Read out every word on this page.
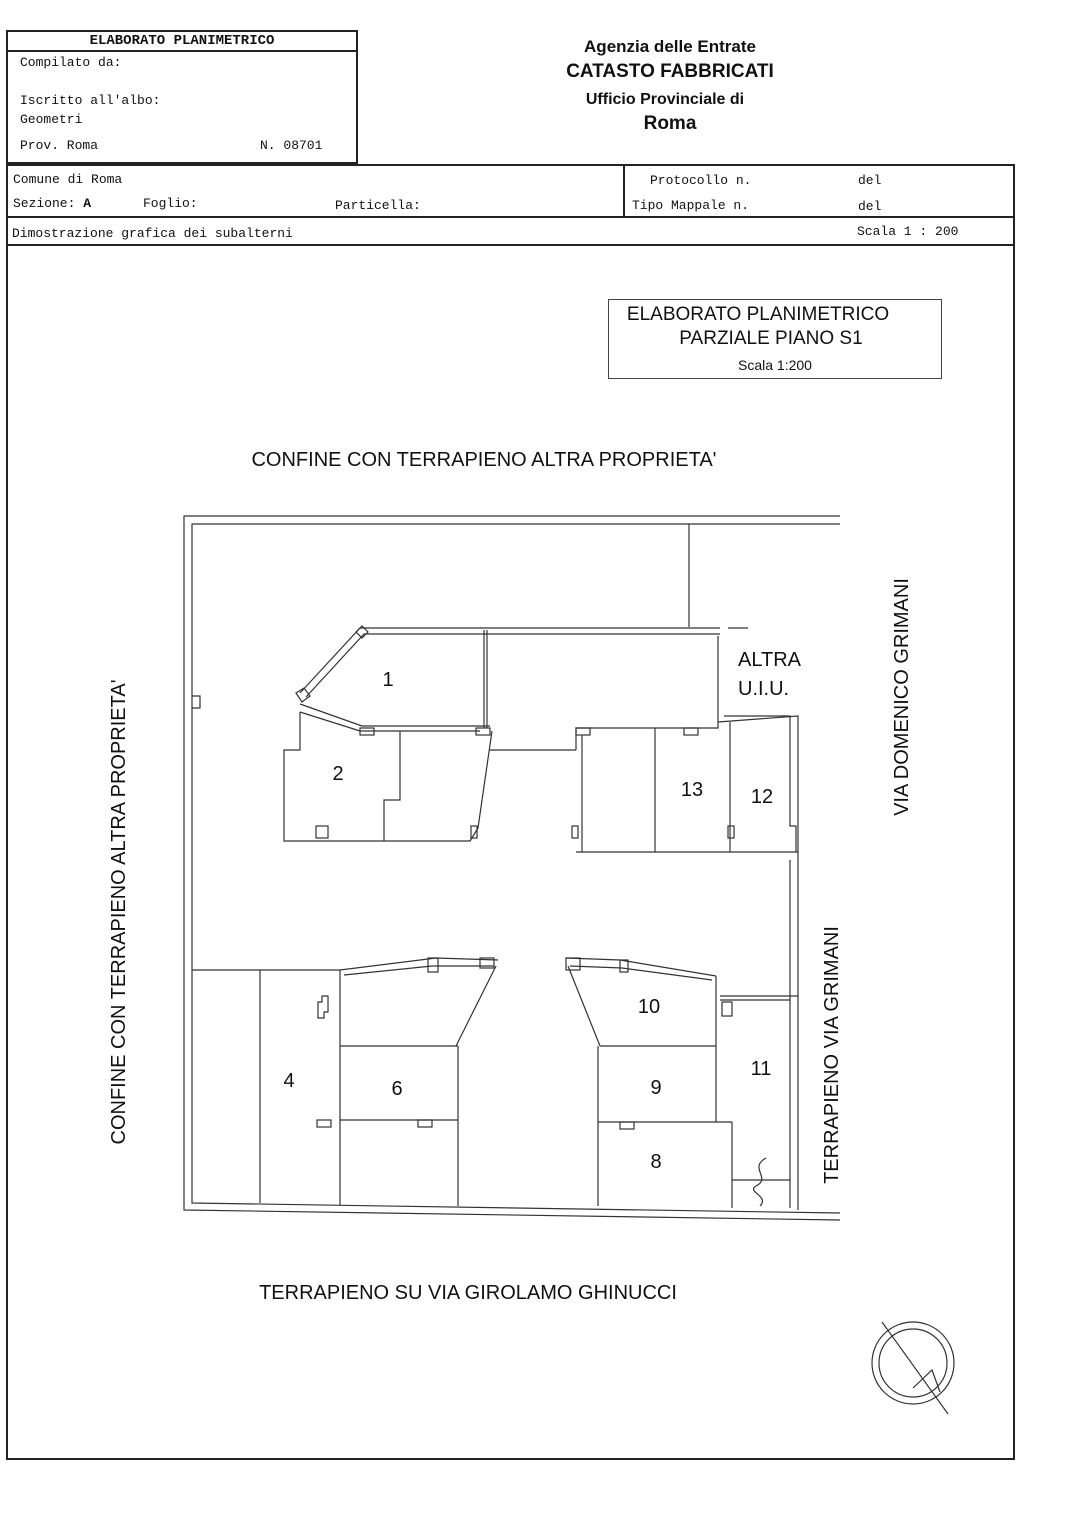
ELABORATO PLANIMETRICO
Compilato da:
Iscritto all'albo:
Geometri
Prov. Roma	N. 08701
Agenzia delle Entrate
CATASTO FABBRICATI
Ufficio Provinciale di
Roma
Comune di Roma
Sezione: A	Foglio:	Particella:
Protocollo n.	del
Tipo Mappale n.	del
Dimostrazione grafica dei subalterni	Scala 1 : 200
ELABORATO PLANIMETRICO
PARZIALE PIANO S1
Scala 1:200
1
2
13 12
10
11
4	6	9
8
CONFINE CON TERRAPIENO ALTRA PROPRIETA'
TERRAPIENO SU VIA GIROLAMO GHINUCCI
CONFINE CON TERRAPIENO ALTRA PROPRIETA'	VIA DOMENICO GRIMANI
TERRAPIENO VIA GRIMANI
ALTRA
U.I.U.
